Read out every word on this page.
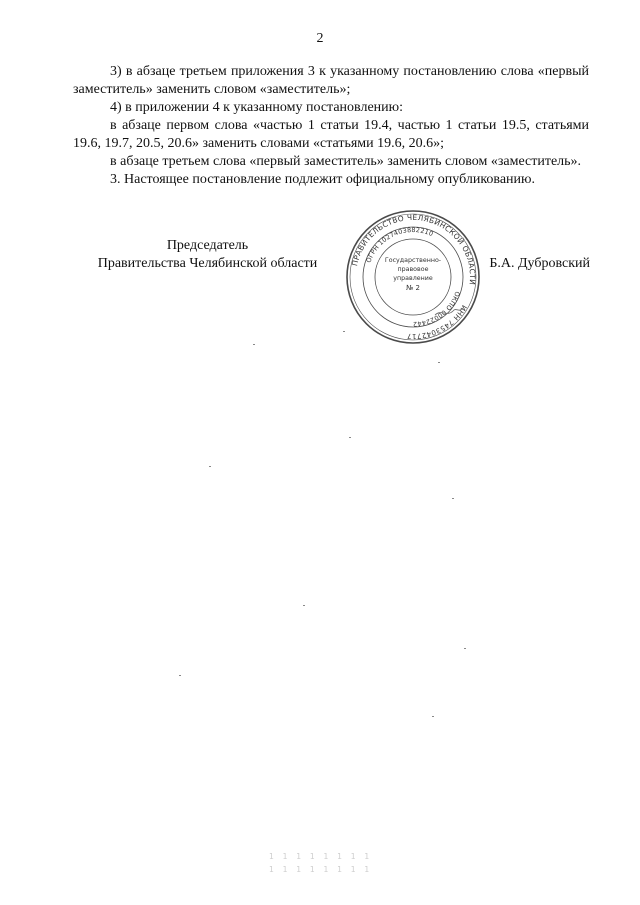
2

3) в абзаце третьем приложения 3 к указанному постановлению слова «первый заместитель» заменить словом «заместитель»;

4) в приложении 4 к указанному постановлению:

в абзаце первом слова «частью 1 статьи 19.4, частью 1 статьи 19.5, статьями 19.6, 19.7, 20.5, 20.6» заменить словами «статьями 19.6, 20.6»;

в абзаце третьем слова «первый заместитель» заменить словом «заместитель».

3. Настоящее постановление подлежит официальному опубликованию.

Председатель
Правительства Челябинской области	Б.А. Дубровский
ПРАВИТЕЛЬСТВО ЧЕЛЯБИНСКОЙ ОБЛАСТИ
ОГРН 1027403882210
ОКПО 00022442
ИНН 7453042717
Государственно-
правовое
управление
№ 2
1 1 1 1 1 1 1 1
1 1 1 1 1 1 1 1
